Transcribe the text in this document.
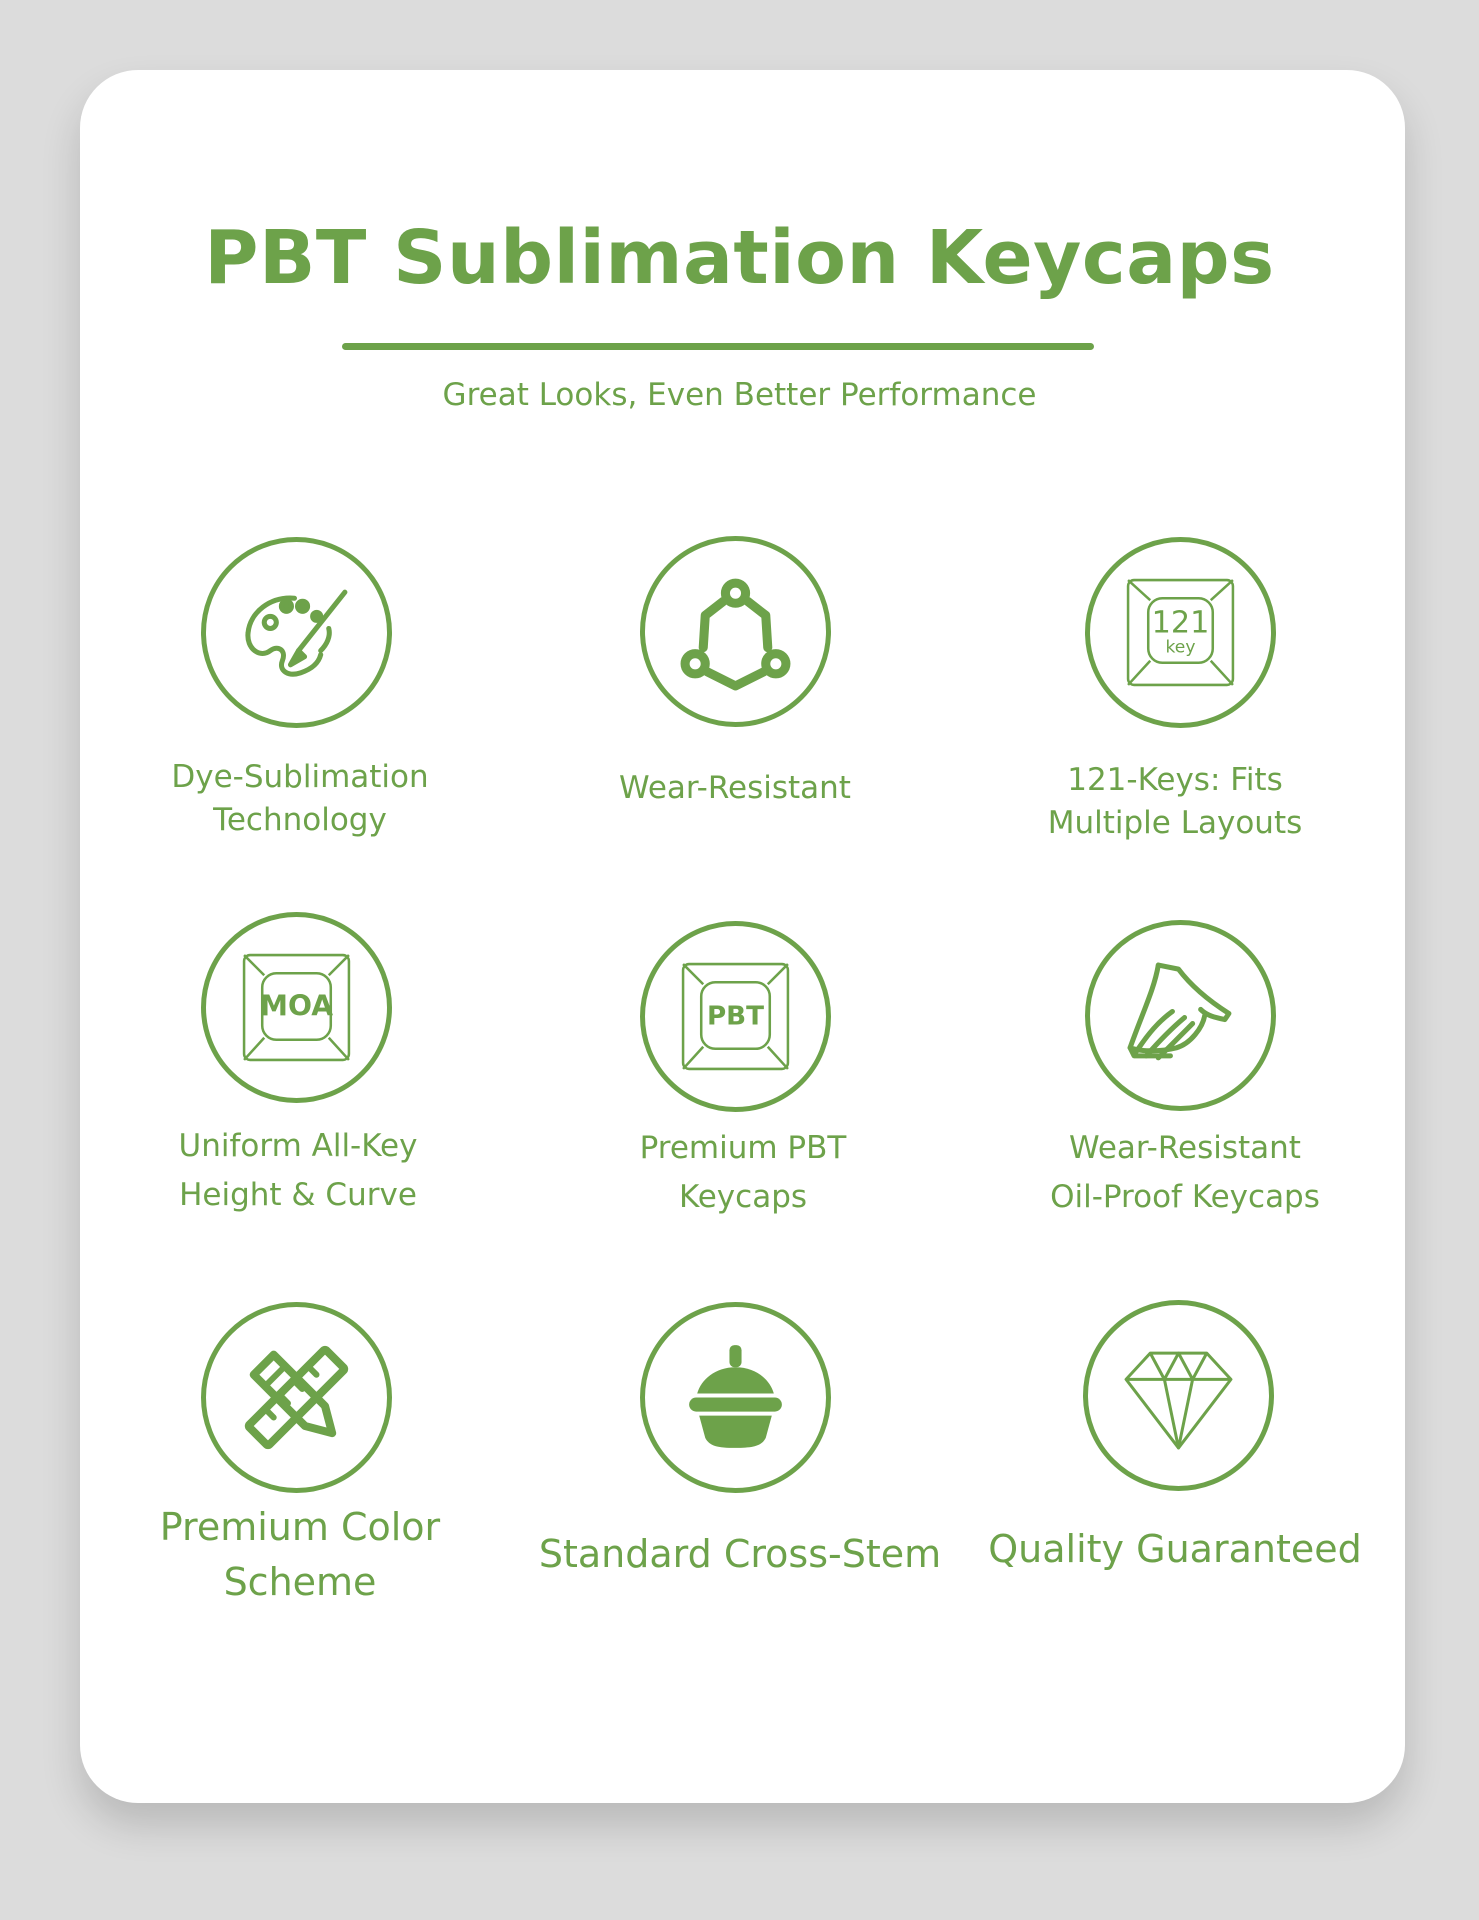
PBT Sublimation Keycaps
Great Looks, Even Better Performance
Dye-Sublimation
Technology
Wear-Resistant
121
key
121-Keys: Fits
Multiple Layouts
MOA
Uniform All-Key
Height & Curve
PBT
Premium PBT
Keycaps
Wear-Resistant
Oil-Proof Keycaps
Premium Color
Scheme
Standard Cross-Stem	Quality Guaranteed
